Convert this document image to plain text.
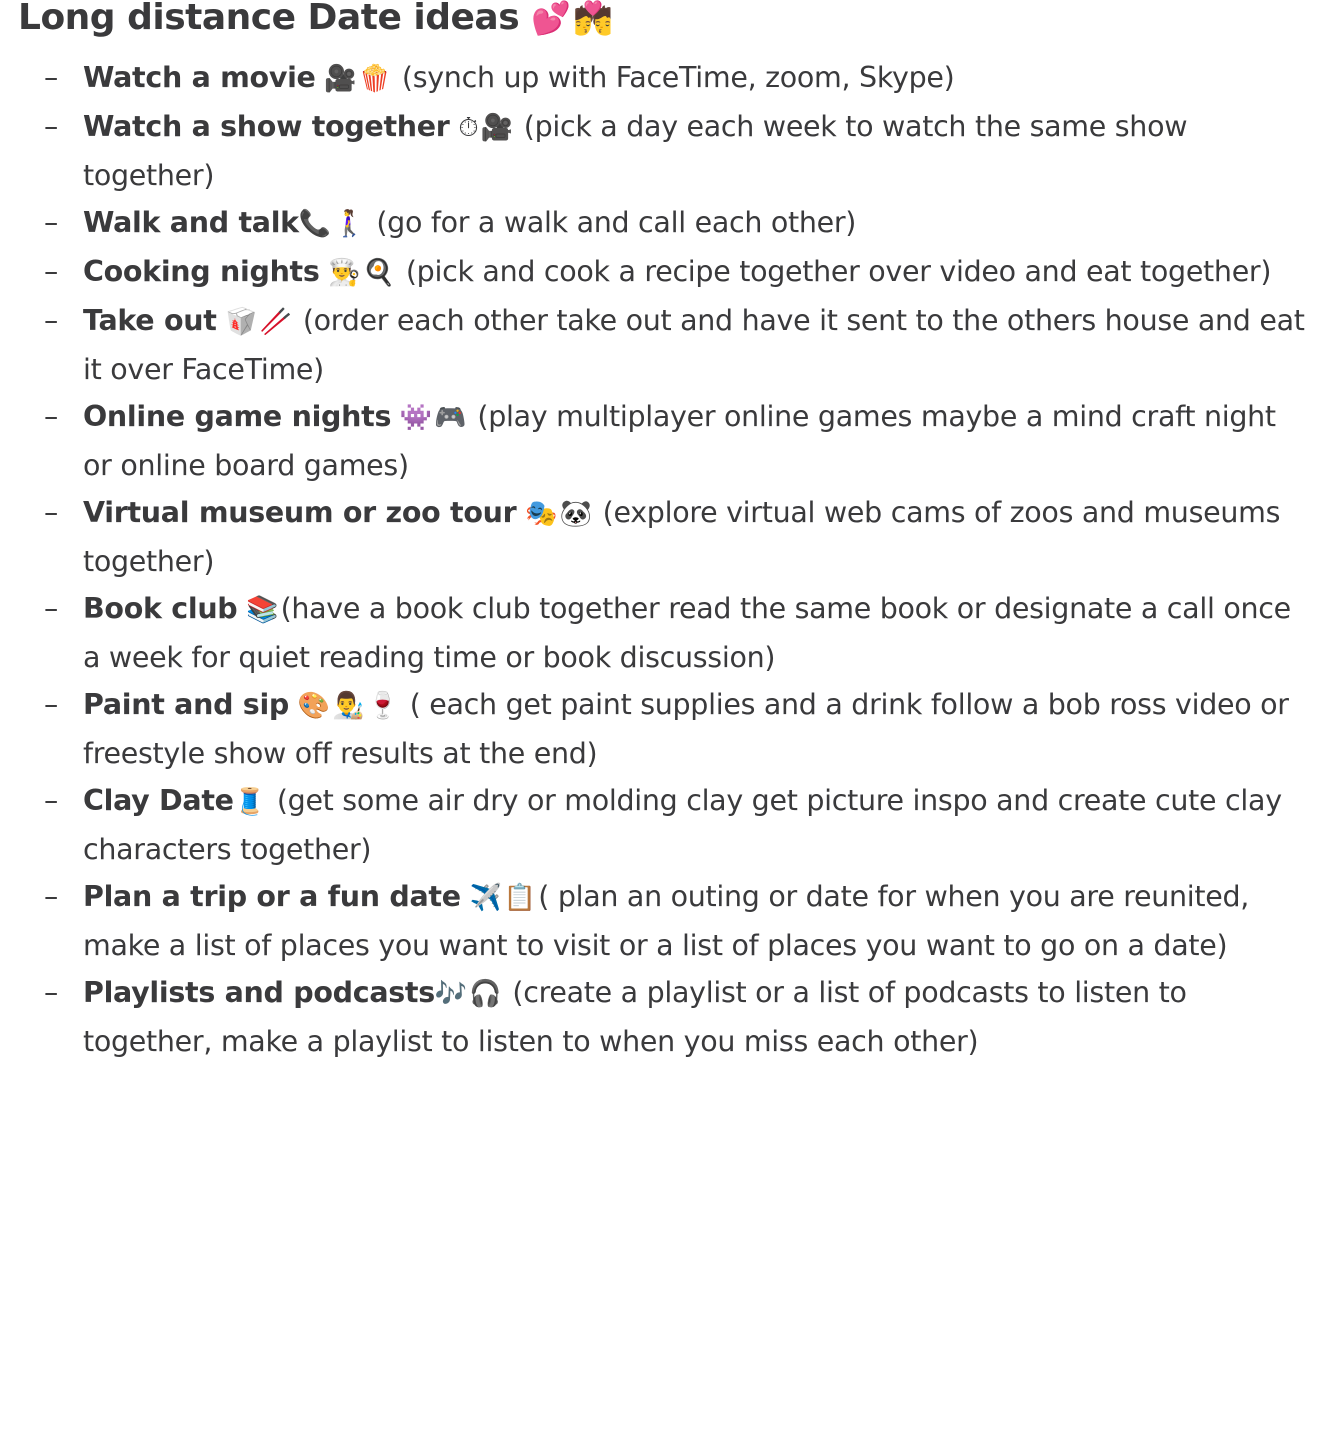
Long distance Date ideas 💕💏
– Watch a movie 🎥🍿 (synch up with FaceTime, zoom, Skype)
– Watch a show together ⏱🎥 (pick a day each week to watch the same show together)
– Walk and talk📞🚶‍♀️ (go for a walk and call each other)
– Cooking nights 👨‍🍳🍳 (pick and cook a recipe together over video and eat together)
– Take out 🥡🥢 (order each other take out and have it sent to the others house and eat it over FaceTime)
– Online game nights 👾🎮 (play multiplayer online games maybe a mind craft night or online board games)
– Virtual museum or zoo tour 🎭🐼 (explore virtual web cams of zoos and museums together)
– Book club 📚(have a book club together read the same book or designate a call once a week for quiet reading time or book discussion)
– Paint and sip 🎨👨‍🎨🍷 ( each get paint supplies and a drink follow a bob ross video or freestyle show off results at the end)
– Clay Date🧵 (get some air dry or molding clay get picture inspo and create cute clay characters together)
– Plan a trip or a fun date ✈️📋( plan an outing or date for when you are reunited, make a list of places you want to visit or a list of places you want to go on a date)
– Playlists and podcasts🎶🎧 (create a playlist or a list of podcasts to listen to together, make a playlist to listen to when you miss each other)
